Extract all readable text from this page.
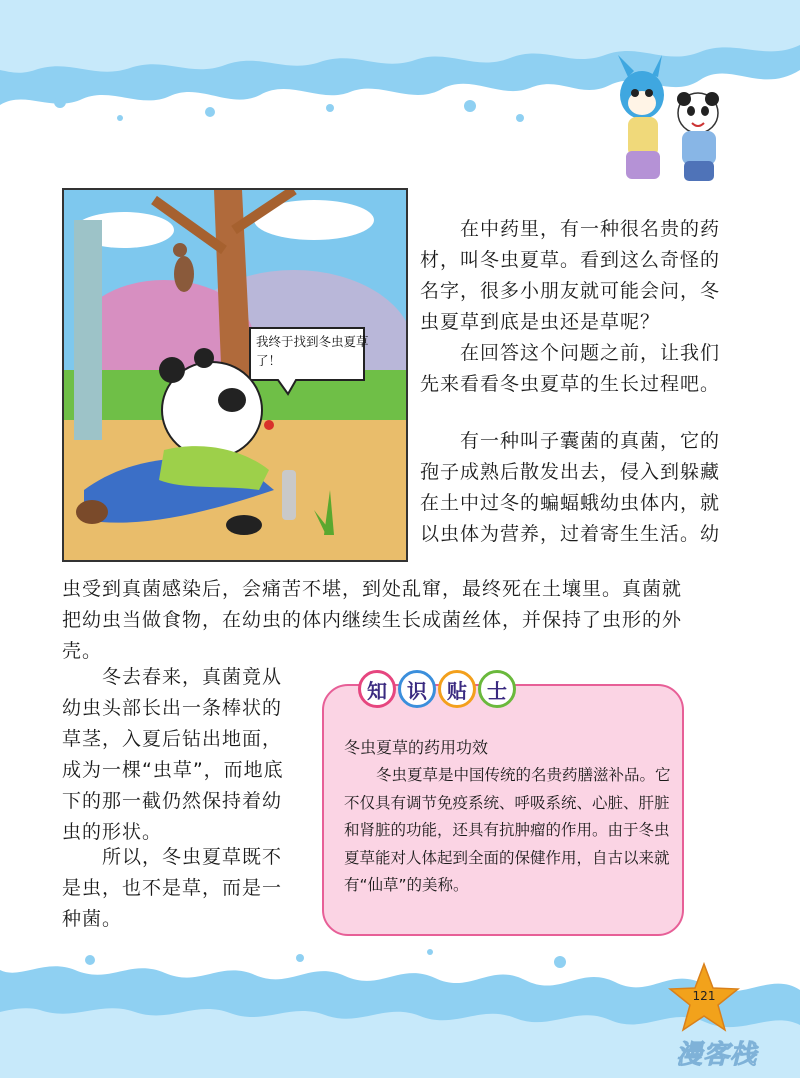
我终于找到冬虫夏草了！

在中药里，有一种很名贵的药材，叫冬虫夏草。看到这么奇怪的名字，很多小朋友就可能会问，冬虫夏草到底是虫还是草呢？

在回答这个问题之前，让我们先来看看冬虫夏草的生长过程吧。

有一种叫子囊菌的真菌，它的孢子成熟后散发出去，侵入到躲藏在土中过冬的蝙蝠蛾幼虫体内，就以虫体为营养，过着寄生生活。幼

虫受到真菌感染后，会痛苦不堪，到处乱窜，最终死在土壤里。真菌就把幼虫当做食物，在幼虫的体内继续生长成菌丝体，并保持了虫形的外壳。

冬去春来，真菌竟从幼虫头部长出一条棒状的草茎，入夏后钻出地面，成为一棵“虫草”，而地底下的那一截仍然保持着幼虫的形状。

所以，冬虫夏草既不是虫，也不是草，而是一种菌。

知	识	贴	士

冬虫夏草的药用功效

冬虫夏草是中国传统的名贵药膳滋补品。它不仅具有调节免疫系统、呼吸系统、心脏、肝脏和肾脏的功能，还具有抗肿瘤的作用。由于冬虫夏草能对人体起到全面的保健作用，自古以来就有“仙草”的美称。

121
漫客栈
